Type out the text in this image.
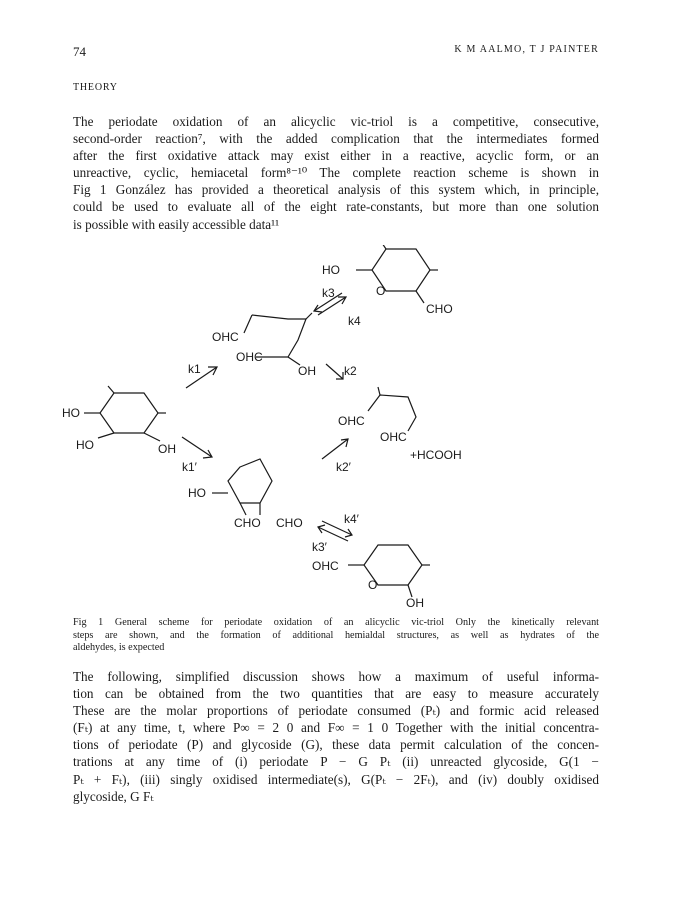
74	K M AALMO, T J PAINTER
THEORY
The periodate oxidation of an alicyclic vic-triol is a competitive, consecutive,
second-order reaction⁷, with the added complication that the intermediates formed
after the first oxidative attack may exist either in a reactive, acyclic form, or an
unreactive, cyclic, hemiacetal form⁸⁻¹⁰ The complete reaction scheme is shown in
Fig 1 González has provided a theoretical analysis of this system which, in principle,
could be used to evaluate all of the eight rate-constants, but more than one solution
is possible with easily accessible data¹¹
HO
O
CHO
k3
k4
OHC
OHC
OH
k1	k2
HO
HO	OH
OHC
OHC
+HCOOH
k1′	k2′
HO
CHO CHO	k4′
k3′
OHC
O
OH
Fig 1 General scheme for periodate oxidation of an alicyclic vic-triol Only the kinetically relevant
steps are shown, and the formation of additional hemialdal structures, as well as hydrates of the
aldehydes, is expected
The following, simplified discussion shows how a maximum of useful informa-
tion can be obtained from the two quantities that are easy to measure accurately
These are the molar proportions of periodate consumed (Pₜ) and formic acid released
(Fₜ) at any time, t, where P∞ = 2 0 and F∞ = 1 0 Together with the initial concentra-
tions of periodate (P) and glycoside (G), these data permit calculation of the concen-
trations at any time of (i) periodate P − G Pₜ (ii) unreacted glycoside, G(1 −
Pₜ + Fₜ), (iii) singly oxidised intermediate(s), G(Pₜ − 2Fₜ), and (iv) doubly oxidised
glycoside, G Fₜ
